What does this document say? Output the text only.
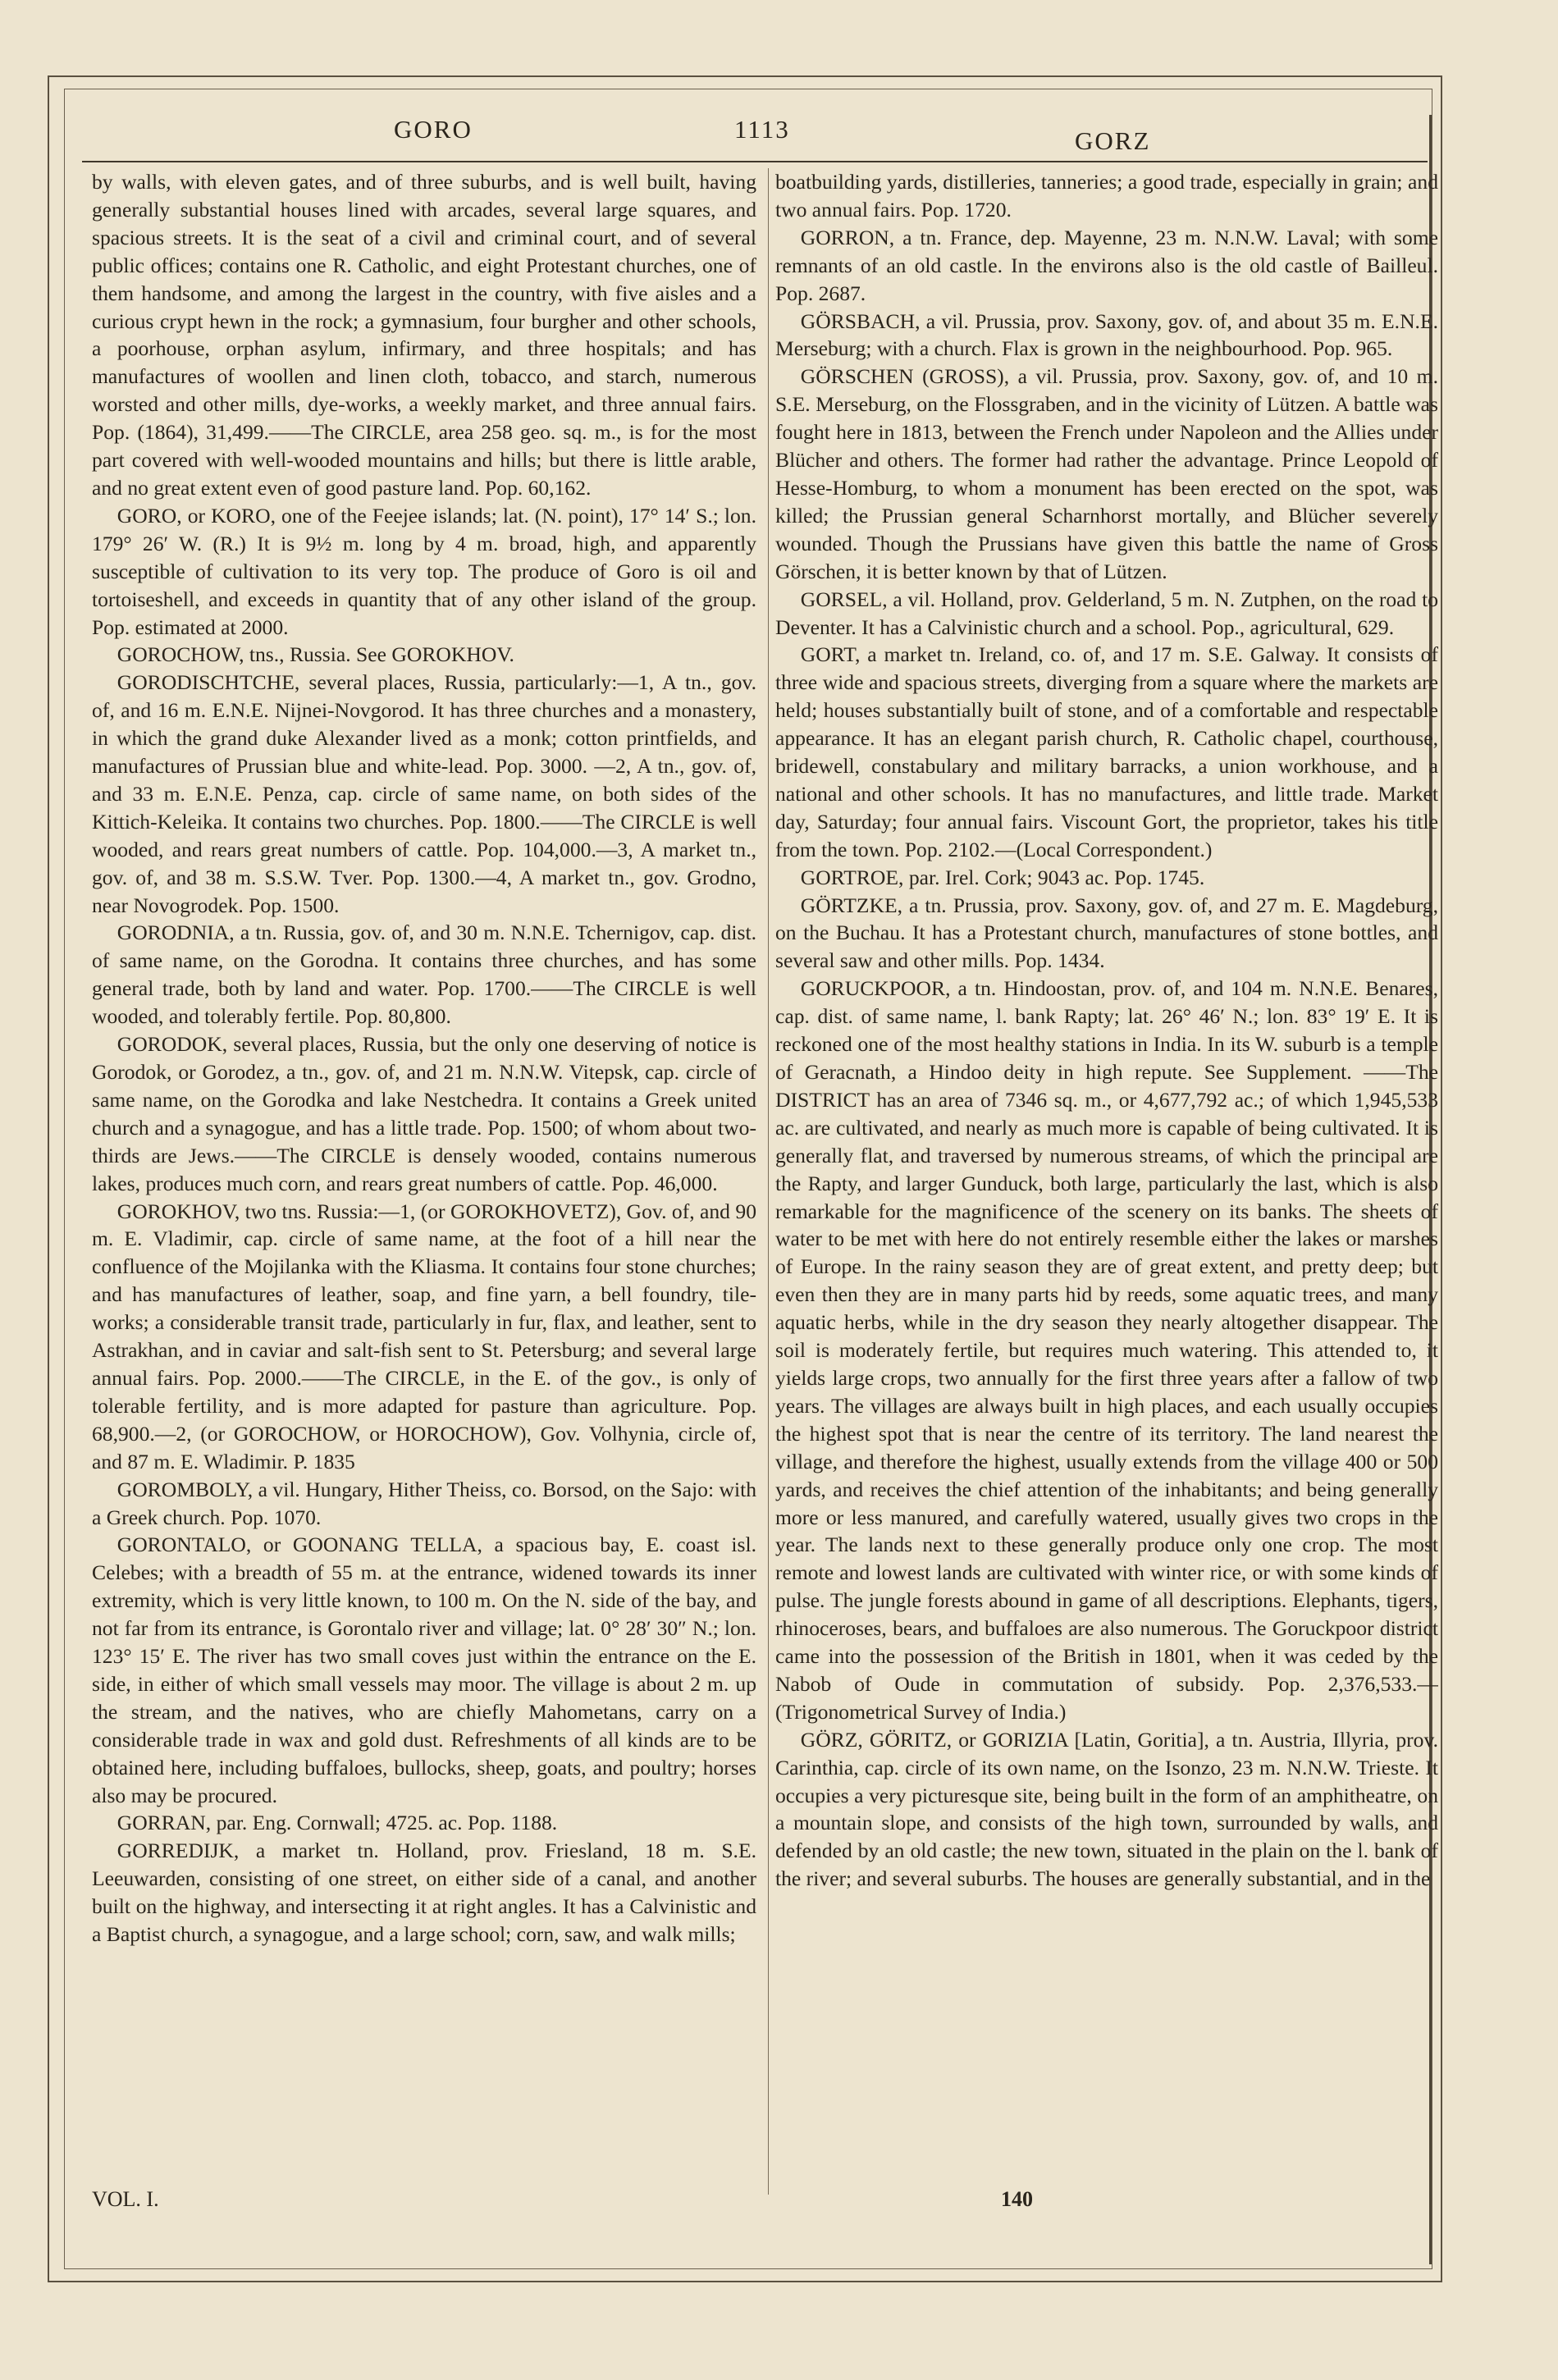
GORO	1113	GORZ

by walls, with eleven gates, and of three suburbs, and is well built, having generally substantial houses lined with arcades, several large squares, and spacious streets. It is the seat of a civil and criminal court, and of several public offices; contains one R. Catholic, and eight Protestant churches, one of them handsome, and among the largest in the country, with five aisles and a curious crypt hewn in the rock; a gymnasium, four burgher and other schools, a poorhouse, orphan asylum, infirmary, and three hospitals; and has manufactures of woollen and linen cloth, tobacco, and starch, numerous worsted and other mills, dye-works, a weekly market, and three annual fairs. Pop. (1864), 31,499.——The CIRCLE, area 258 geo. sq. m., is for the most part covered with well-wooded mountains and hills; but there is little arable, and no great extent even of good pasture land. Pop. 60,162.

GORO, or KORO, one of the Feejee islands; lat. (N. point), 17° 14′ S.; lon. 179° 26′ W. (R.) It is 9½ m. long by 4 m. broad, high, and apparently susceptible of cultivation to its very top. The produce of Goro is oil and tortoiseshell, and exceeds in quantity that of any other island of the group. Pop. estimated at 2000.

GOROCHOW, tns., Russia. See GOROKHOV.

GORODISCHTCHE, several places, Russia, particularly:—1, A tn., gov. of, and 16 m. E.N.E. Nijnei-Novgorod. It has three churches and a monastery, in which the grand duke Alexander lived as a monk; cotton printfields, and manufactures of Prussian blue and white-lead. Pop. 3000. —2, A tn., gov. of, and 33 m. E.N.E. Penza, cap. circle of same name, on both sides of the Kittich-Keleika. It contains two churches. Pop. 1800.——The CIRCLE is well wooded, and rears great numbers of cattle. Pop. 104,000.—3, A market tn., gov. of, and 38 m. S.S.W. Tver. Pop. 1300.—4, A market tn., gov. Grodno, near Novogrodek. Pop. 1500.

GORODNIA, a tn. Russia, gov. of, and 30 m. N.N.E. Tchernigov, cap. dist. of same name, on the Gorodna. It contains three churches, and has some general trade, both by land and water. Pop. 1700.——The CIRCLE is well wooded, and tolerably fertile. Pop. 80,800.

GORODOK, several places, Russia, but the only one deserving of notice is Gorodok, or Gorodez, a tn., gov. of, and 21 m. N.N.W. Vitepsk, cap. circle of same name, on the Gorodka and lake Nestchedra. It contains a Greek united church and a synagogue, and has a little trade. Pop. 1500; of whom about two-thirds are Jews.——The CIRCLE is densely wooded, contains numerous lakes, produces much corn, and rears great numbers of cattle. Pop. 46,000.

GOROKHOV, two tns. Russia:—1, (or GOROKHOVETZ), Gov. of, and 90 m. E. Vladimir, cap. circle of same name, at the foot of a hill near the confluence of the Mojilanka with the Kliasma. It contains four stone churches; and has manufactures of leather, soap, and fine yarn, a bell foundry, tile-works; a considerable transit trade, particularly in fur, flax, and leather, sent to Astrakhan, and in caviar and salt-fish sent to St. Petersburg; and several large annual fairs. Pop. 2000.——The CIRCLE, in the E. of the gov., is only of tolerable fertility, and is more adapted for pasture than agriculture. Pop. 68,900.—2, (or GOROCHOW, or HOROCHOW), Gov. Volhynia, circle of, and 87 m. E. Wladimir. P. 1835

GOROMBOLY, a vil. Hungary, Hither Theiss, co. Borsod, on the Sajo: with a Greek church. Pop. 1070.

GORONTALO, or GOONANG TELLA, a spacious bay, E. coast isl. Celebes; with a breadth of 55 m. at the entrance, widened towards its inner extremity, which is very little known, to 100 m. On the N. side of the bay, and not far from its entrance, is Gorontalo river and village; lat. 0° 28′ 30″ N.; lon. 123° 15′ E. The river has two small coves just within the entrance on the E. side, in either of which small vessels may moor. The village is about 2 m. up the stream, and the natives, who are chiefly Mahometans, carry on a considerable trade in wax and gold dust. Refreshments of all kinds are to be obtained here, including buffaloes, bullocks, sheep, goats, and poultry; horses also may be procured.

GORRAN, par. Eng. Cornwall; 4725. ac. Pop. 1188.

GORREDIJK, a market tn. Holland, prov. Friesland, 18 m. S.E. Leeuwarden, consisting of one street, on either side of a canal, and another built on the highway, and intersecting it at right angles. It has a Calvinistic and a Baptist church, a synagogue, and a large school; corn, saw, and walk mills;

boatbuilding yards, distilleries, tanneries; a good trade, especially in grain; and two annual fairs. Pop. 1720.

GORRON, a tn. France, dep. Mayenne, 23 m. N.N.W. Laval; with some remnants of an old castle. In the environs also is the old castle of Bailleul. Pop. 2687.

GÖRSBACH, a vil. Prussia, prov. Saxony, gov. of, and about 35 m. E.N.E. Merseburg; with a church. Flax is grown in the neighbourhood. Pop. 965.

GÖRSCHEN (GROSS), a vil. Prussia, prov. Saxony, gov. of, and 10 m. S.E. Merseburg, on the Flossgraben, and in the vicinity of Lützen. A battle was fought here in 1813, between the French under Napoleon and the Allies under Blücher and others. The former had rather the advantage. Prince Leopold of Hesse-Homburg, to whom a monument has been erected on the spot, was killed; the Prussian general Scharnhorst mortally, and Blücher severely wounded. Though the Prussians have given this battle the name of Gross Görschen, it is better known by that of Lützen.

GORSEL, a vil. Holland, prov. Gelderland, 5 m. N. Zutphen, on the road to Deventer. It has a Calvinistic church and a school. Pop., agricultural, 629.

GORT, a market tn. Ireland, co. of, and 17 m. S.E. Galway. It consists of three wide and spacious streets, diverging from a square where the markets are held; houses substantially built of stone, and of a comfortable and respectable appearance. It has an elegant parish church, R. Catholic chapel, courthouse, bridewell, constabulary and military barracks, a union workhouse, and a national and other schools. It has no manufactures, and little trade. Market day, Saturday; four annual fairs. Viscount Gort, the proprietor, takes his title from the town. Pop. 2102.—(Local Correspondent.)

GORTROE, par. Irel. Cork; 9043 ac. Pop. 1745.

GÖRTZKE, a tn. Prussia, prov. Saxony, gov. of, and 27 m. E. Magdeburg, on the Buchau. It has a Protestant church, manufactures of stone bottles, and several saw and other mills. Pop. 1434.

GORUCKPOOR, a tn. Hindoostan, prov. of, and 104 m. N.N.E. Benares, cap. dist. of same name, l. bank Rapty; lat. 26° 46′ N.; lon. 83° 19′ E. It is reckoned one of the most healthy stations in India. In its W. suburb is a temple of Geracnath, a Hindoo deity in high repute. See Supplement. ——The DISTRICT has an area of 7346 sq. m., or 4,677,792 ac.; of which 1,945,533 ac. are cultivated, and nearly as much more is capable of being cultivated. It is generally flat, and traversed by numerous streams, of which the principal are the Rapty, and larger Gunduck, both large, particularly the last, which is also remarkable for the magnificence of the scenery on its banks. The sheets of water to be met with here do not entirely resemble either the lakes or marshes of Europe. In the rainy season they are of great extent, and pretty deep; but even then they are in many parts hid by reeds, some aquatic trees, and many aquatic herbs, while in the dry season they nearly altogether disappear. The soil is moderately fertile, but requires much watering. This attended to, it yields large crops, two annually for the first three years after a fallow of two years. The villages are always built in high places, and each usually occupies the highest spot that is near the centre of its territory. The land nearest the village, and therefore the highest, usually extends from the village 400 or 500 yards, and receives the chief attention of the inhabitants; and being generally more or less manured, and carefully watered, usually gives two crops in the year. The lands next to these generally produce only one crop. The most remote and lowest lands are cultivated with winter rice, or with some kinds of pulse. The jungle forests abound in game of all descriptions. Elephants, tigers, rhinoceroses, bears, and buffaloes are also numerous. The Goruckpoor district came into the possession of the British in 1801, when it was ceded by the Nabob of Oude in commutation of subsidy. Pop. 2,376,533.—(Trigonometrical Survey of India.)

GÖRZ, GÖRITZ, or GORIZIA [Latin, Goritia], a tn. Austria, Illyria, prov. Carinthia, cap. circle of its own name, on the Isonzo, 23 m. N.N.W. Trieste. It occupies a very picturesque site, being built in the form of an amphitheatre, on a mountain slope, and consists of the high town, surrounded by walls, and defended by an old castle; the new town, situated in the plain on the l. bank of the river; and several suburbs. The houses are generally substantial, and in the

VOL. I.	140
